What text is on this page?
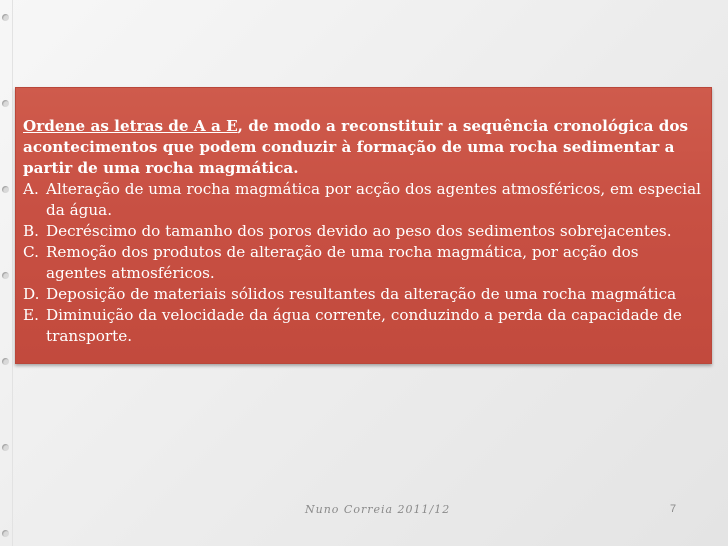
Ordene as letras de A a E, de modo a reconstituir a sequência cronológica dos acontecimentos que podem conduzir à formação de uma rocha sedimentar a partir de uma rocha magmática.

A. Alteração de uma rocha magmática por acção dos agentes atmosféricos, em especial da água.
B. Decréscimo do tamanho dos poros devido ao peso dos sedimentos sobrejacentes.
C. Remoção dos produtos de alteração de uma rocha magmática, por acção dos agentes atmosféricos.
D. Deposição de materiais sólidos resultantes da alteração de uma rocha magmática
E. Diminuição da velocidade da água corrente, conduzindo a perda da capacidade de transporte.
Nuno Correia 2011/12	7
